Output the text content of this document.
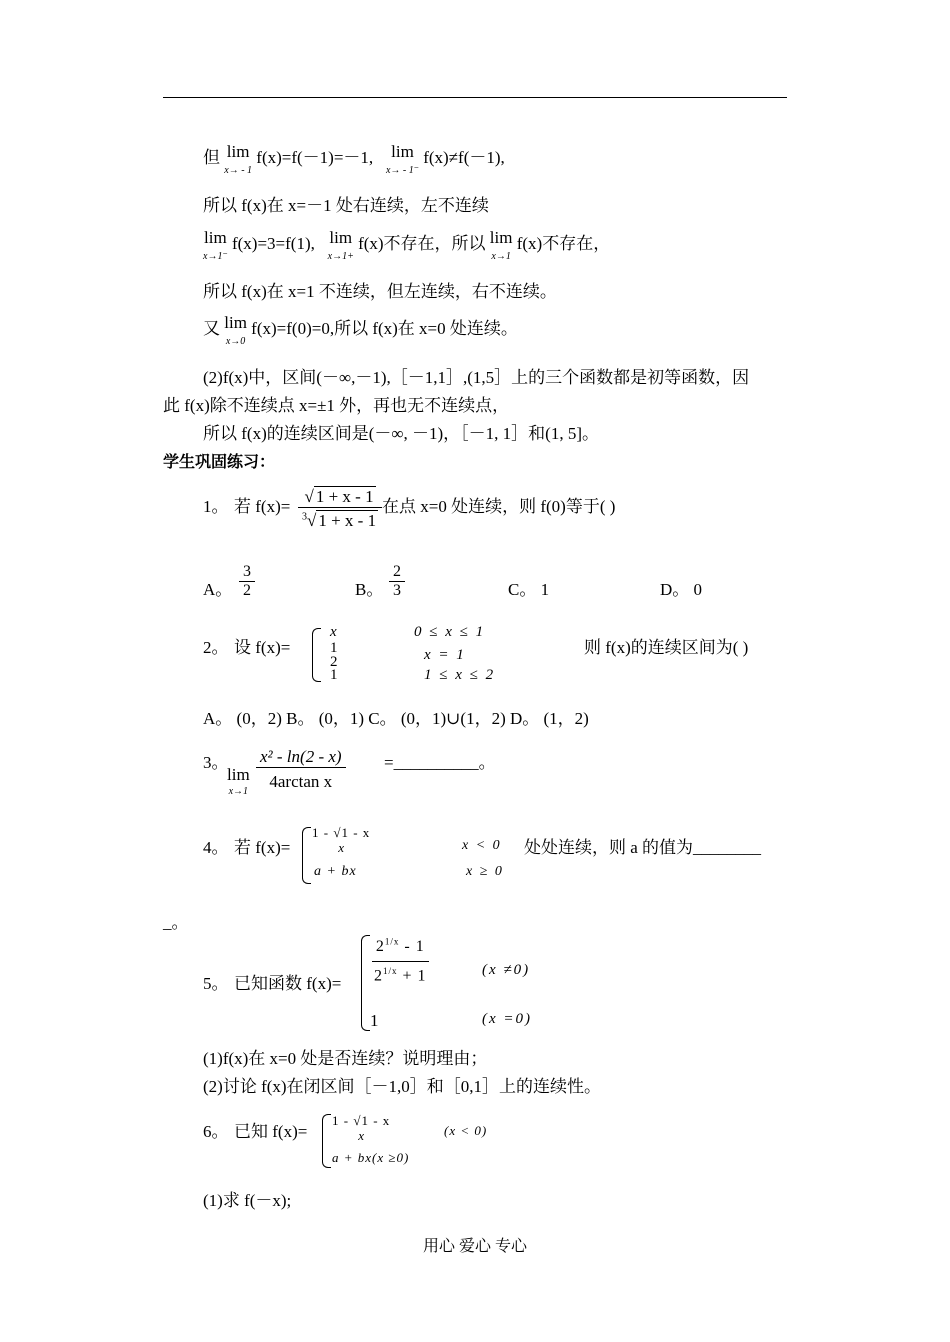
但 lim
x→ - 1
f(x)=f(－1)=－1,	lim
x→ - 1⁻
f(x)≠f(－1),
所以 f(x)在 x=－1 处右连续，左不连续
lim
x→1⁻
f(x)=3=f(1), lim
x→1+
f(x)不存在，所以 lim
x→1
f(x)不存在，
所以 f(x)在 x=1 不连续，但左连续，右不连续。
又 lim
x→0
f(x)=f(0)=0,所以 f(x)在 x=0 处连续。
(2)f(x)中，区间(－∞,－1),［－1,1］,(1,5］上的三个函数都是初等函数，因
此 f(x)除不连续点 x=±1 外，再也无不连续点，
所以 f(x)的连续区间是(－∞, －1)，［－1, 1］和(1, 5]。
学生巩固练习：
1。 若 f(x)=
√ 1 + x - 1
$^3$√ 1 + x - 1
在点 x=0 处连续，则 f(0)等于( )
A。 $\frac{3}{2}$	B。 $\frac{2}{3}$	C。 1	D。 0
2。 设 f(x)=
x
1
2
1
0 ≤ x ≤ 1
x = 1
1 ≤ x ≤ 2
则 f(x)的连续区间为( )
A。 (0，2) B。 (0，1) C。 (0，1)∪(1，2) D。 (1，2)
3。
lim
$x\to 1 \frac{\text{x² - ln(2 - x)}}{\text{4arctan x}}$ =__________。
4。 若 f(x)=
1 - √1 - x
x
a + bx
x < 0
x ≥ 0
处处连续，则 a 的值为________
_。
5。 已知函数 f(x)=
$2^{1/x} - 1$
$2^{1/x} + 1$
1
(x ≠0)
(x =0)
(1)f(x)在 x=0 处是否连续？说明理由；
(2)讨论 f(x)在闭区间［－1,0］和［0,1］上的连续性。
6。 已知 f(x)=
1 - √1 - x
x	(x < 0)
a + bx(x ≥0)
(1)求 f(－x);
用心 爱心 专心
